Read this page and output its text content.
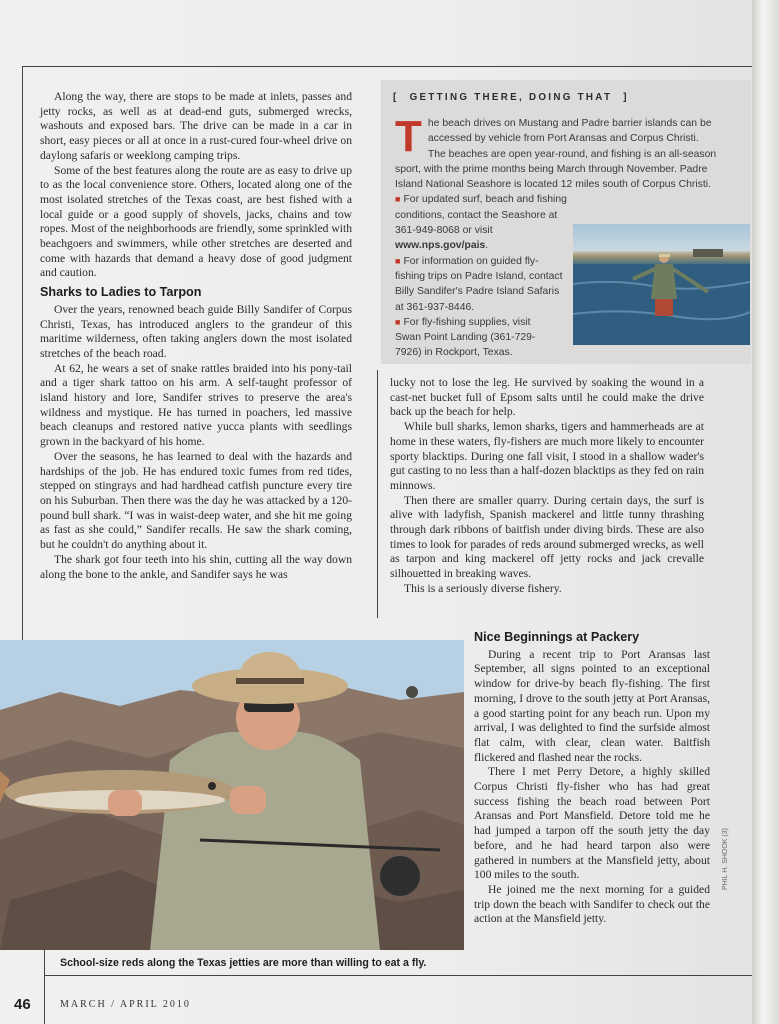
Along the way, there are stops to be made at inlets, passes and jetty rocks, as well as at dead-end guts, submerged wrecks, washouts and exposed bars. The drive can be made in a car in short, easy pieces or all at once in a rust-cured four-wheel drive on daylong safaris or weeklong camping trips.

Some of the best features along the route are as easy to drive up to as the local convenience store. Others, located along one of the most isolated stretches of the Texas coast, are best fished with a local guide or a good supply of shovels, jacks, chains and tow ropes. Most of the neighborhoods are friendly, some sprinkled with beachgoers and swimmers, while other stretches are deserted and come with hazards that demand a heavy dose of good judgment and caution.

Sharks to Ladies to Tarpon

Over the years, renowned beach guide Billy Sandifer of Corpus Christi, Texas, has introduced anglers to the grandeur of this maritime wilderness, often taking anglers down the most isolated stretches of the beach road.

At 62, he wears a set of snake rattles braided into his pony-tail and a tiger shark tattoo on his arm. A self-taught professor of island history and lore, Sandifer strives to preserve the area's wildness and mystique. He has turned in poachers, led massive beach cleanups and restored native yucca plants with seedlings grown in the backyard of his home.

Over the seasons, he has learned to deal with the hazards and hardships of the job. He has endured toxic fumes from red tides, stepped on stingrays and had hardhead catfish puncture every tire on his Suburban. Then there was the day he was attacked by a 120-pound bull shark. “I was in waist-deep water, and she hit me going as fast as she could,” Sandifer recalls. He saw the shark coming, but he couldn't do anything about it.

The shark got four teeth into his shin, cutting all the way down along the bone to the ankle, and Sandifer says he was

[ GETTING THERE, DOING THAT ]

The beach drives on Mustang and Padre barrier islands can be accessed by vehicle from Port Aransas and Corpus Christi. The beaches are open year-round, and fishing is an all-season sport, with the prime months being March through November. Padre Island National Seashore is located 12 miles south of Corpus Christi.

■ For updated surf, beach and fishing conditions, contact the Seashore at 361-949-8068 or visit www.nps.gov/pais.

■ For information on guided fly-fishing trips on Padre Island, contact Billy Sandifer's Padre Island Safaris at 361-937-8446.

■ For fly-fishing supplies, visit Swan Point Landing (361-729-7926) in Rockport, Texas.

lucky not to lose the leg. He survived by soaking the wound in a cast-net bucket full of Epsom salts until he could make the drive back up the beach for help.

While bull sharks, lemon sharks, tigers and hammerheads are at home in these waters, fly-fishers are much more likely to encounter sporty blacktips. During one fall visit, I stood in a shallow wader's gut casting to no less than a half-dozen blacktips as they fed on rain minnows.

Then there are smaller quarry. During certain days, the surf is alive with ladyfish, Spanish mackerel and little tunny thrashing through dark ribbons of baitfish under diving birds. These are also times to look for parades of reds around submerged wrecks, as well as tarpon and king mackerel off jetty rocks and jack crevalle silhouetted in breaking waves.

This is a seriously diverse fishery.

Nice Beginnings at Packery

During a recent trip to Port Aransas last September, all signs pointed to an exceptional window for drive-by beach fly-fishing. The first morning, I drove to the south jetty at Port Aransas, a good starting point for any beach run. Upon my arrival, I was delighted to find the surfside almost flat calm, with clear, clean water. Baitfish flickered and flashed near the rocks.

There I met Perry Detore, a highly skilled Corpus Christi fly-fisher who has had great success fishing the beach road between Port Aransas and Port Mansfield. Detore told me he had jumped a tarpon off the south jetty the day before, and he had heard tarpon also were gathered in numbers at the Mansfield jetty, about 100 miles to the south.

He joined me the next morning for a guided trip down the beach with Sandifer to check out the action at the Mansfield jetty.

School-size reds along the Texas jetties are more than willing to eat a fly.
PHIL H. SHOOK (3)
46	MARCH / APRIL 2010
